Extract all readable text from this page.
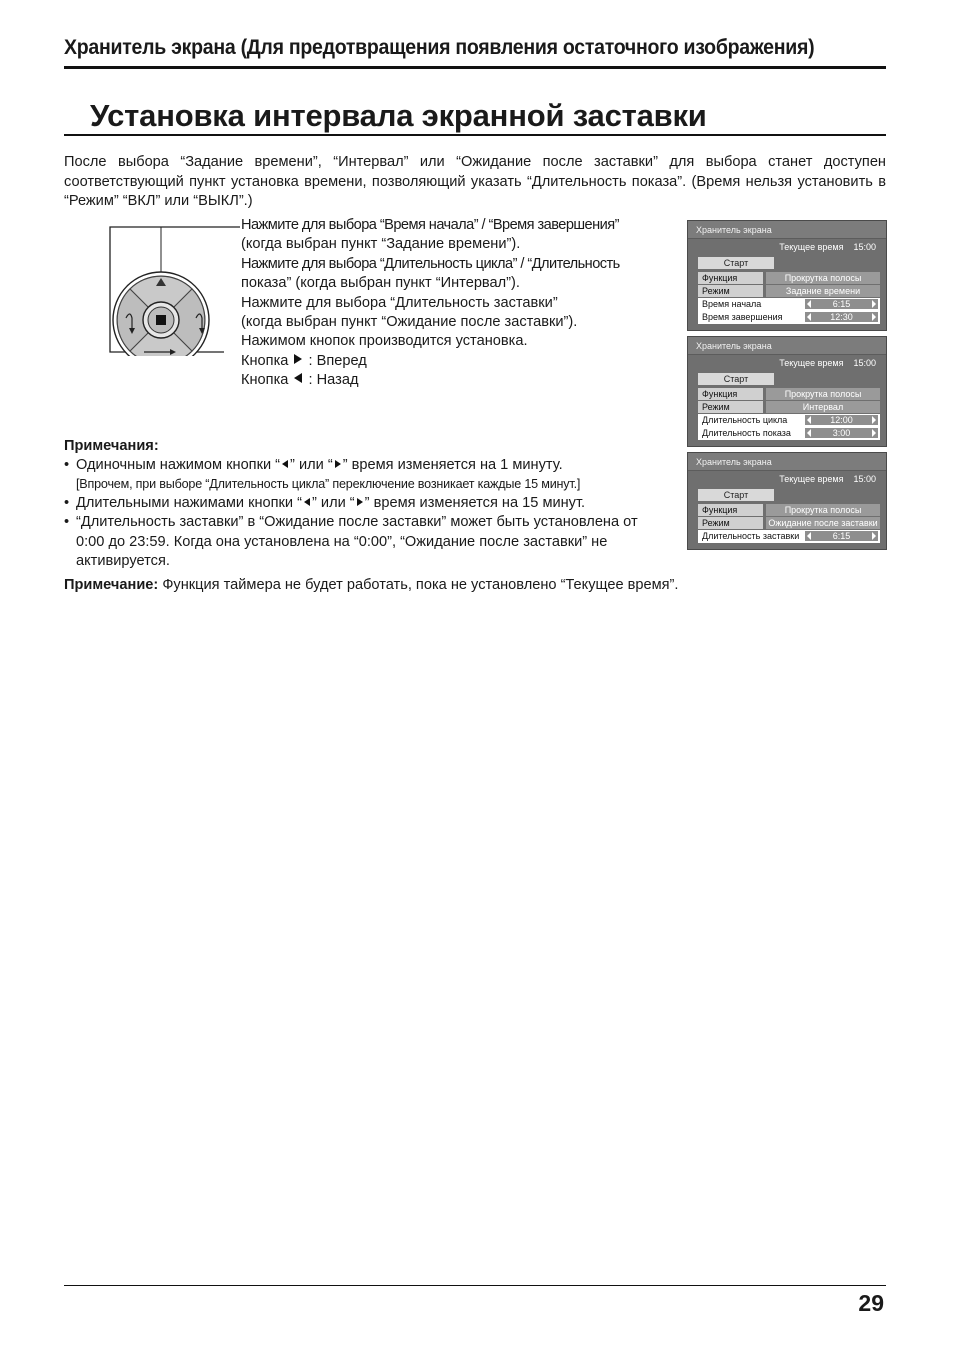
Хранитель экрана (Для предотвращения появления остаточного изображения)
Установка интервала экранной заставки
После выбора “Задание времени”, “Интервал” или “Ожидание после заставки” для выбора станет доступен соответствующий пункт установка времени, позволяющий указать “Длительность показа”. (Время нельзя установить в “Режим” “ВКЛ” или “ВЫКЛ”.)
Нажмите для выбора “Время начала” / “Время завершения”
(когда выбран пункт “Задание времени”).
Нажмите для выбора “Длительность цикла” / “Длительность
показа” (когда выбран пункт “Интервал”).
Нажмите для выбора “Длительность заставки”
(когда выбран пункт “Ожидание после заставки”).
Нажимом кнопок производится установка.
Кнопка : Вперед
Кнопка : Назад
Примечания:
• Одиночным нажимом кнопки “ ” или “ ” время изменяется на 1 минуту.
[Впрочем, при выборе “Длительность цикла” переключение возникает каждые 15 минут.]
• Длительными нажимами кнопки “ ” или “ ” время изменяется на 15 минут.
• “Длительность заставки” в “Ожидание после заставки” может быть установлена от 0:00 до 23:59. Когда она установлена на “0:00”, “Ожидание после заставки” не активируется.
Примечание: Функция таймера не будет работать, пока не установлено “Текущее время”.
Хранитель экрана
Текущее время 15:00
Старт
Функция	Прокрутка полосы
Режим	Задание времени
Время начала	6:15
Время завершения	12:30
Хранитель экрана
Текущее время 15:00
Старт
Функция	Прокрутка полосы
Режим	Интервал
Длительность цикла	12:00
Длительность показа	3:00
Хранитель экрана
Текущее время 15:00
Старт
Функция	Прокрутка полосы
Режим	Ожидание после заставки
Длительность заставки	6:15
29
